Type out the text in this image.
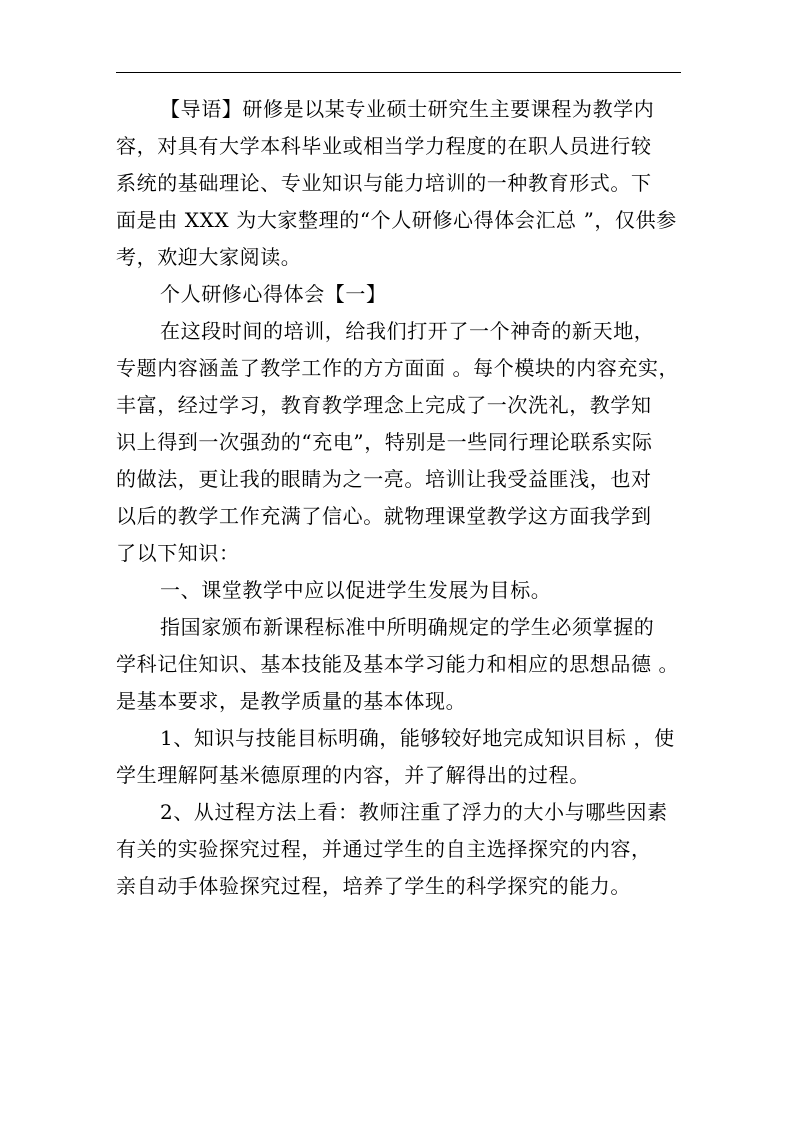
【导语】研修是以某专业硕士研究生主要课程为教学内
容，对具有大学本科毕业或相当学力程度的在职人员进行较
系统的基础理论、专业知识与能力培训的一种教育形式。下
面是由 XXX 为大家整理的“个人研修心得体会汇总 ”，仅供参
考，欢迎大家阅读。
个人研修心得体会【一】
在这段时间的培训，给我们打开了一个神奇的新天地，
专题内容涵盖了教学工作的方方面面 。每个模块的内容充实，
丰富，经过学习，教育教学理念上完成了一次洗礼，教学知
识上得到一次强劲的“充电”，特别是一些同行理论联系实际
的做法，更让我的眼睛为之一亮。培训让我受益匪浅，也对
以后的教学工作充满了信心。就物理课堂教学这方面我学到
了以下知识：
一、课堂教学中应以促进学生发展为目标。
指国家颁布新课程标准中所明确规定的学生必须掌握的
学科记住知识、基本技能及基本学习能力和相应的思想品德 。
是基本要求，是教学质量的基本体现。
1、知识与技能目标明确，能够较好地完成知识目标 ，使
学生理解阿基米德原理的内容，并了解得出的过程。
2、从过程方法上看：教师注重了浮力的大小与哪些因素
有关的实验探究过程，并通过学生的自主选择探究的内容，
亲自动手体验探究过程，培养了学生的科学探究的能力。
